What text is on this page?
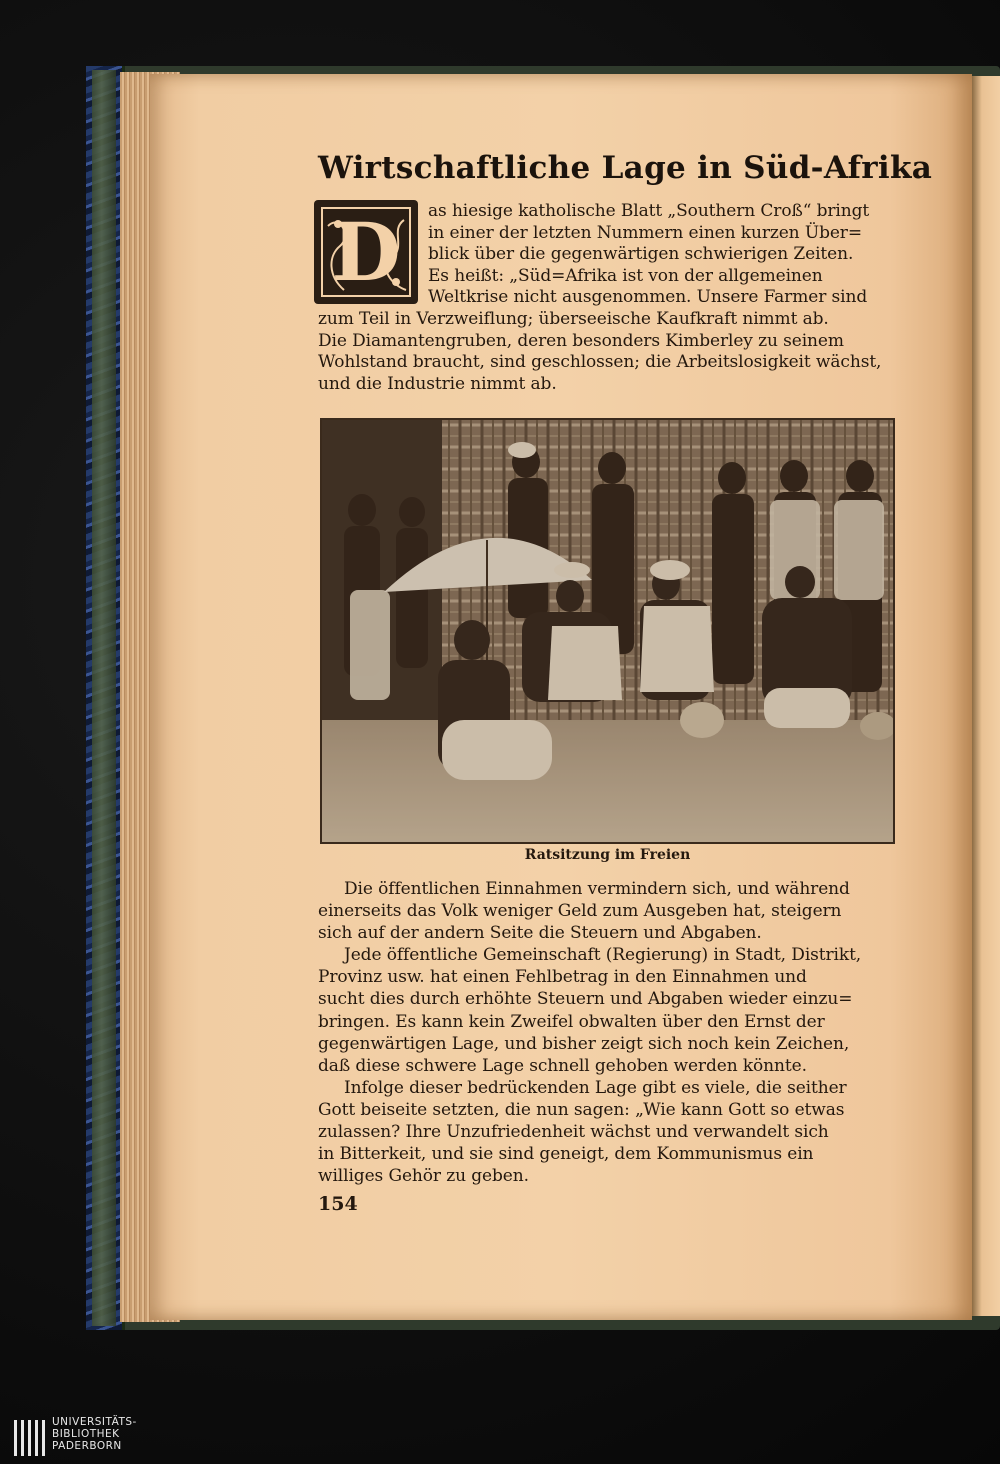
Wirtschaftliche Lage in Süd-Afrika
D	as hiesige katholische Blatt „Southern Croß“ bringt
in einer der letzten Nummern einen kurzen Über=
blick über die gegenwärtigen schwierigen Zeiten.
Es heißt: „Süd=Afrika ist von der allgemeinen
Weltkrise nicht ausgenommen. Unsere Farmer sind
zum Teil in Verzweiflung; überseeische Kaufkraft nimmt ab.
Die Diamantengruben, deren besonders Kimberley zu seinem
Wohlstand braucht, sind geschlossen; die Arbeitslosigkeit wächst,
und die Industrie nimmt ab.
Ratsitzung im Freien
Die öffentlichen Einnahmen vermindern sich, und während
einerseits das Volk weniger Geld zum Ausgeben hat, steigern
sich auf der andern Seite die Steuern und Abgaben.
Jede öffentliche Gemeinschaft (Regierung) in Stadt, Distrikt,
Provinz usw. hat einen Fehlbetrag in den Einnahmen und
sucht dies durch erhöhte Steuern und Abgaben wieder einzu=
bringen. Es kann kein Zweifel obwalten über den Ernst der
gegenwärtigen Lage, und bisher zeigt sich noch kein Zeichen,
daß diese schwere Lage schnell gehoben werden könnte.
Infolge dieser bedrückenden Lage gibt es viele, die seither
Gott beiseite setzten, die nun sagen: „Wie kann Gott so etwas
zulassen? Ihre Unzufriedenheit wächst und verwandelt sich
in Bitterkeit, und sie sind geneigt, dem Kommunismus ein
williges Gehör zu geben.
154
UNIVERSITÄTS-
BIBLIOTHEK
PADERBORN
